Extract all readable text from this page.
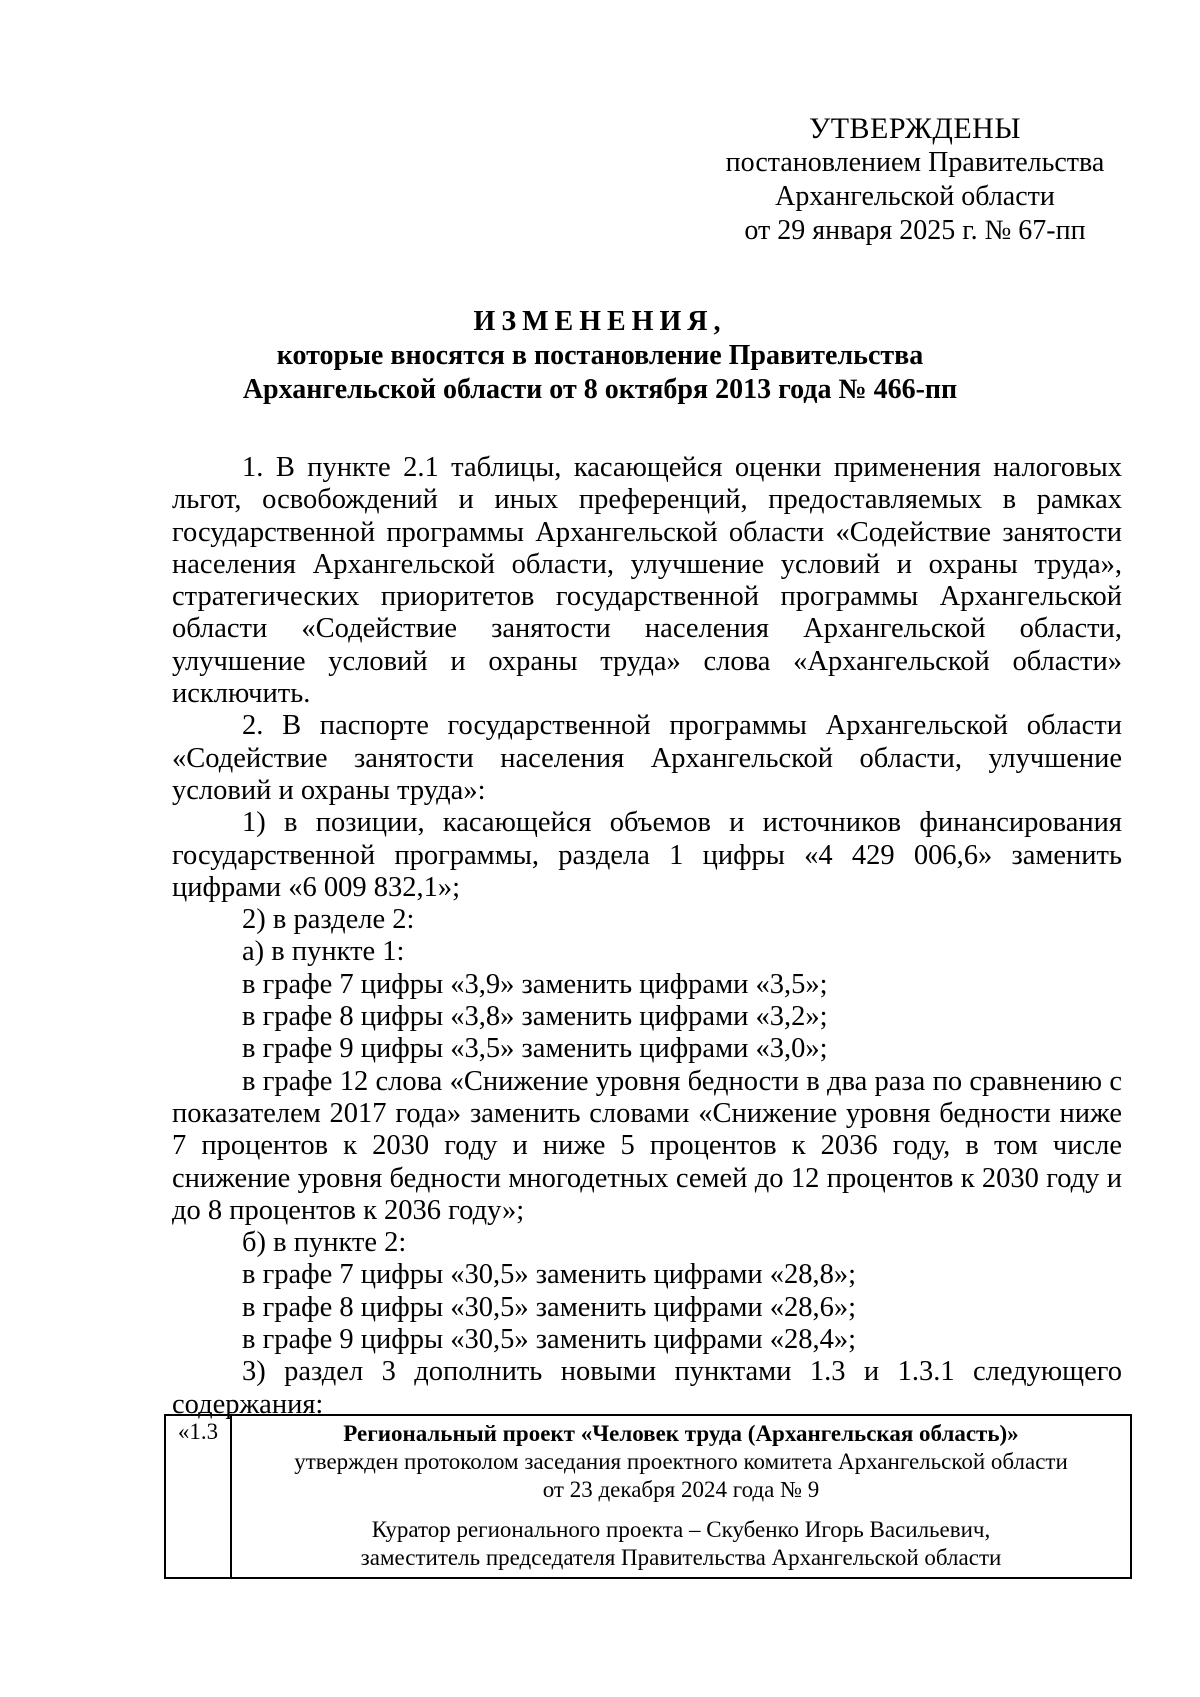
УТВЕРЖДЕНЫ
постановлением Правительства
Архангельской области
от 29 января 2025 г. № 67-пп
ИЗМЕНЕНИЯ,
которые вносятся в постановление Правительства
Архангельской области от 8 октября 2013 года № 466-пп

1. В пункте 2.1 таблицы, касающейся оценки применения налоговых льгот, освобождений и иных преференций, предоставляемых в рамках государственной программы Архангельской области «Содействие занятости населения Архангельской области, улучшение условий и охраны труда», стратегических приоритетов государственной программы Архангельской области «Содействие занятости населения Архангельской области, улучшение условий и охраны труда» слова «Архангельской области» исключить.

2. В паспорте государственной программы Архангельской области «Содействие занятости населения Архангельской области, улучшение условий и охраны труда»:

1) в позиции, касающейся объемов и источников финансирования государственной программы, раздела 1 цифры «4 429 006,6» заменить цифрами «6 009 832,1»;

2) в разделе 2:

а) в пункте 1:

в графе 7 цифры «3,9» заменить цифрами «3,5»;

в графе 8 цифры «3,8» заменить цифрами «3,2»;

в графе 9 цифры «3,5» заменить цифрами «3,0»;

в графе 12 слова «Снижение уровня бедности в два раза по сравнению с показателем 2017 года» заменить словами «Снижение уровня бедности ниже 7 процентов к 2030 году и ниже 5 процентов к 2036 году, в том числе снижение уровня бедности многодетных семей до 12 процентов к 2030 году и до 8 процентов к 2036 году»;

б) в пункте 2:

в графе 7 цифры «30,5» заменить цифрами «28,8»;

в графе 8 цифры «30,5» заменить цифрами «28,6»;

в графе 9 цифры «30,5» заменить цифрами «28,4»;

3) раздел 3 дополнить новыми пунктами 1.3 и 1.3.1 следующего содержания:

«1.3	Региональный проект «Человек труда (Архангельская область)»
утвержден протоколом заседания проектного комитета Архангельской области
от 23 декабря 2024 года № 9
Куратор регионального проекта – Скубенко Игорь Васильевич,
заместитель председателя Правительства Архангельской области
